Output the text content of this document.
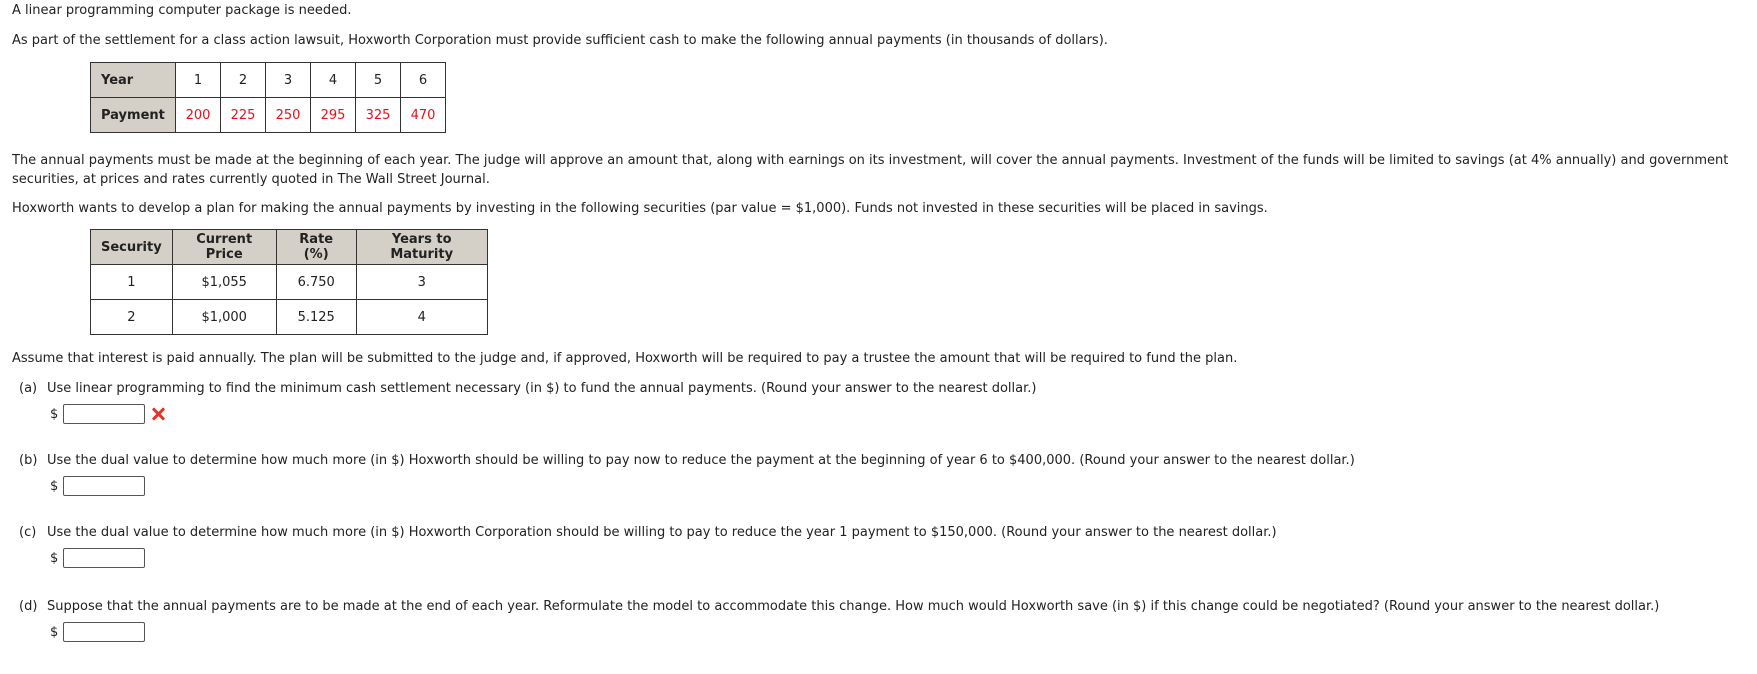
A linear programming computer package is needed.

As part of the settlement for a class action lawsuit, Hoxworth Corporation must provide sufficient cash to make the following annual payments (in thousands of dollars).

Year	1	2	3	4	5	6
Payment	200	225	250	295	325	470

The annual payments must be made at the beginning of each year. The judge will approve an amount that, along with earnings on its investment, will cover the annual payments. Investment of the funds will be limited to savings (at 4% annually) and government securities, at prices and rates currently quoted in The Wall Street Journal.

Hoxworth wants to develop a plan for making the annual payments by investing in the following securities (par value = $1,000). Funds not invested in these securities will be placed in savings.

Security	Current Price	Rate (%)	Years to Maturity
1	$1,055	6.750	3
2	$1,000	5.125	4

Assume that interest is paid annually. The plan will be submitted to the judge and, if approved, Hoxworth will be required to pay a trustee the amount that will be required to fund the plan.

(a) Use linear programming to find the minimum cash settlement necessary (in $) to fund the annual payments. (Round your answer to the nearest dollar.)
$
(b) Use the dual value to determine how much more (in $) Hoxworth should be willing to pay now to reduce the payment at the beginning of year 6 to $400,000. (Round your answer to the nearest dollar.)
$
(c) Use the dual value to determine how much more (in $) Hoxworth Corporation should be willing to pay to reduce the year 1 payment to $150,000. (Round your answer to the nearest dollar.)
$
(d) Suppose that the annual payments are to be made at the end of each year. Reformulate the model to accommodate this change. How much would Hoxworth save (in $) if this change could be negotiated? (Round your answer to the nearest dollar.)
$
